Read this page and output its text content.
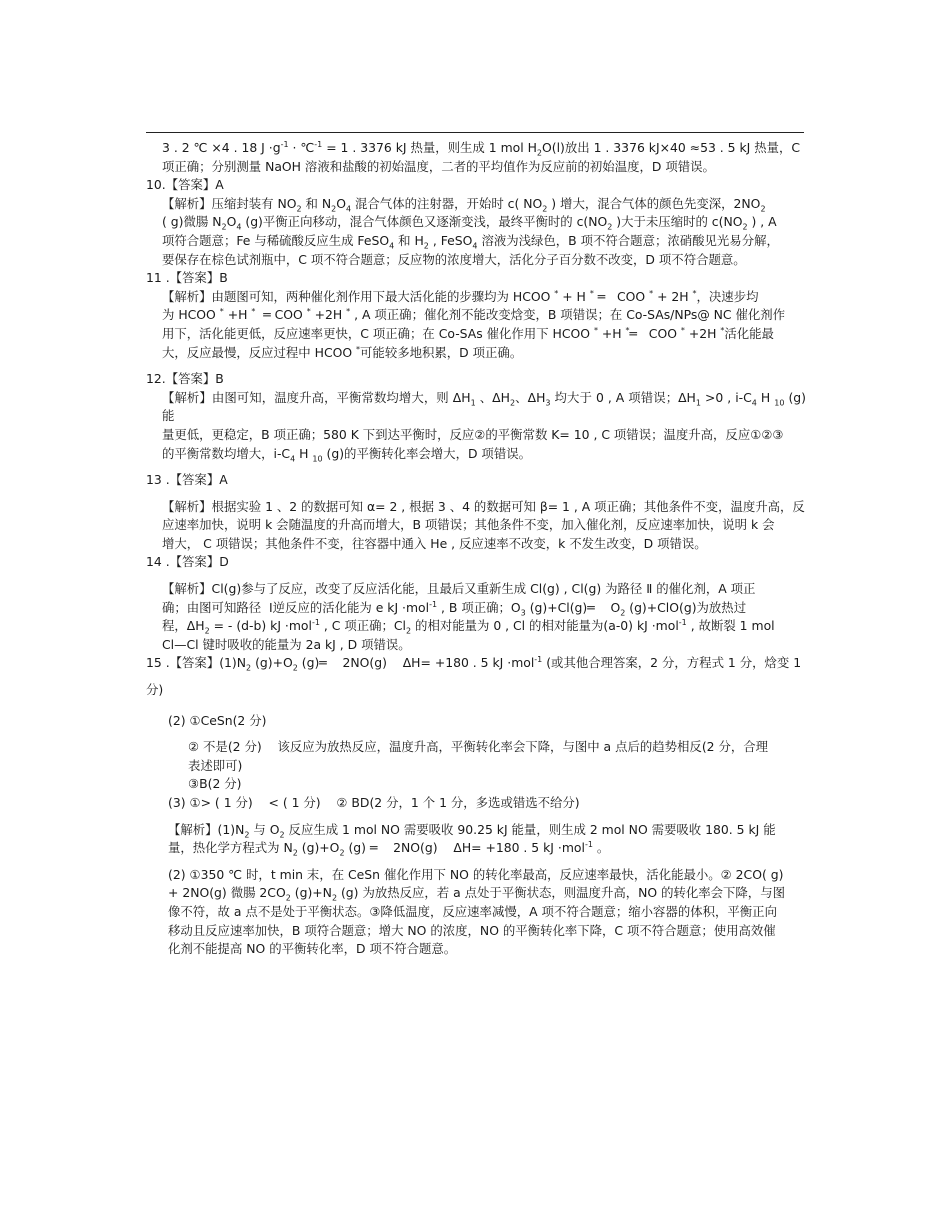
3 . 2 ℃ ×4 . 18 $J \cdot g^{-1}$ · ℃$^{-1}$ = 1 . 3376 kJ 热量，则生成 1 mol $H_2O(l)$放出 1 . 3376 kJ×40 ≈53 . 5 kJ 热量，C
项正确；分别测量 NaOH 溶液和盐酸的初始温度，二者的平均值作为反应前的初始温度，D 项错误。
10.【答案】A
【解析】压缩封装有 $NO_2$ 和 $N_2O_4$ 混合气体的注射器，开始时 c( $NO_2$ ) 增大，混合气体的颜色先变深，$2NO_2$
( g)微腸 $N_2O_4$ (g)平衡正向移动，混合气体颜色又逐渐变浅，最终平衡时的 $c(NO_2$ )大于未压缩时的 $c(NO_2$ ) , A
项符合题意；Fe 与稀硫酸反应生成 FeSO$_4$ 和 $H_2$ , FeSO$_4$ 溶液为浅绿色，B 项不符合题意；浓硝酸见光易分解，
要保存在棕色试剂瓶中，C 项不符合题意；反应物的浓度增大，活化分子百分数不改变，D 项不符合题意。
11 .【答案】B
【解析】由题图可知，两种催化剂作用下最大活化能的步骤均为 HCOO * + H * ═   COO * + 2H *，决速步均
为 HCOO * +H *  ═ COO * +2H * , A 项正确；催化剂不能改变焓变，B 项错误；在 Co-SAs/NPs@ NC 催化剂作
用下，活化能更低，反应速率更快，C 项正确；在 Co-SAs 催化作用下 HCOO * +H *═   COO * +2H *活化能最
大，反应最慢，反应过程中 HCOO *可能较多地积累，D 项正确。
12.【答案】B
【解析】由图可知，温度升高，平衡常数均增大，则 $\Delta H_1$ 、$\Delta H_2$、$\Delta H_3$ 均大于 0 , A 项错误；$\Delta H_1 >0$ , $i-C_4$ H $_{10}$ (g)能
量更低，更稳定，B 项正确；580 K 下到达平衡时，反应②的平衡常数 K= 10 , C 项错误；温度升高，反应①②③
的平衡常数均增大，$i-C_4$ H $_{10}$ (g)的平衡转化率会增大，D 项错误。
13 .【答案】A
【解析】根据实验 1 、2 的数据可知 α= 2 , 根据 3 、4 的数据可知 β= 1 , A 项正确；其他条件不变，温度升高，反
应速率加快，说明 k 会随温度的升高而增大，B 项错误；其他条件不变，加入催化剂，反应速率加快，说明 k 会
增大， C 项错误；其他条件不变，往容器中通入 He , 反应速率不改变，k 不发生改变，D 项错误。
14 .【答案】D
【解析】Cl(g)参与了反应，改变了反应活化能，且最后又重新生成 Cl(g) , Cl(g) 为路径 Ⅱ 的催化剂，A 项正
确；由图可知路径  Ⅰ逆反应的活化能为 e kJ ·mol$^{-1}$ , B 项正确；$O_3$ (g)+Cl(g)═    $O_2$ (g)+ClO(g)为放热过
程，$\Delta H_2$ = - (d-b) kJ ·mol$^{-1}$ , C 项正确；$Cl_2$ 的相对能量为 0 , Cl 的相对能量为(a-0) kJ ·mol$^{-1}$ , 故断裂 1 mol
Cl—Cl 键时吸收的能量为 2a kJ , D 项错误。
15 .【答案】$(1)N_2$ $(g)+O_2$ (g)═    2NO(g)    ΔH= +180 . 5 kJ ·mol$^{-1}$ (或其他合理答案，2 分，方程式 1 分，焓变 1
分)
(2) ①CeSn(2 分)
② 不是(2 分)    该反应为放热反应，温度升高，平衡转化率会下降，与图中 a 点后的趋势相反(2 分，合理
表述即可)
③B(2 分)
(3) ①> ( 1 分)    < ( 1 分)    ② BD(2 分，1 个 1 分，多选或错选不给分)
【解析】$(1)N_2$ 与 $O_2$ 反应生成 1 mol NO 需要吸收 90.25 kJ 能量，则生成 2 mol NO 需要吸收 180. 5 kJ 能
量，热化学方程式为 $N_2$ $(g)+O_2$ (g) ═    2NO(g)    ΔH= +180 . 5 kJ ·mol$^{-1}$ 。
(2) ①350 ℃ 时，t min 末，在 CeSn 催化作用下 NO 的转化率最高，反应速率最快，活化能最小。② 2CO( g)
+ 2NO(g) 微腸 $2CO_2$ $(g)+N_2$ (g) 为放热反应，若 a 点处于平衡状态，则温度升高，NO 的转化率会下降，与图
像不符，故 a 点不是处于平衡状态。③降低温度，反应速率减慢，A 项不符合题意；缩小容器的体积，平衡正向
移动且反应速率加快，B 项符合题意；增大 NO 的浓度，NO 的平衡转化率下降，C 项不符合题意；使用高效催
化剂不能提高 NO 的平衡转化率，D 项不符合题意。
